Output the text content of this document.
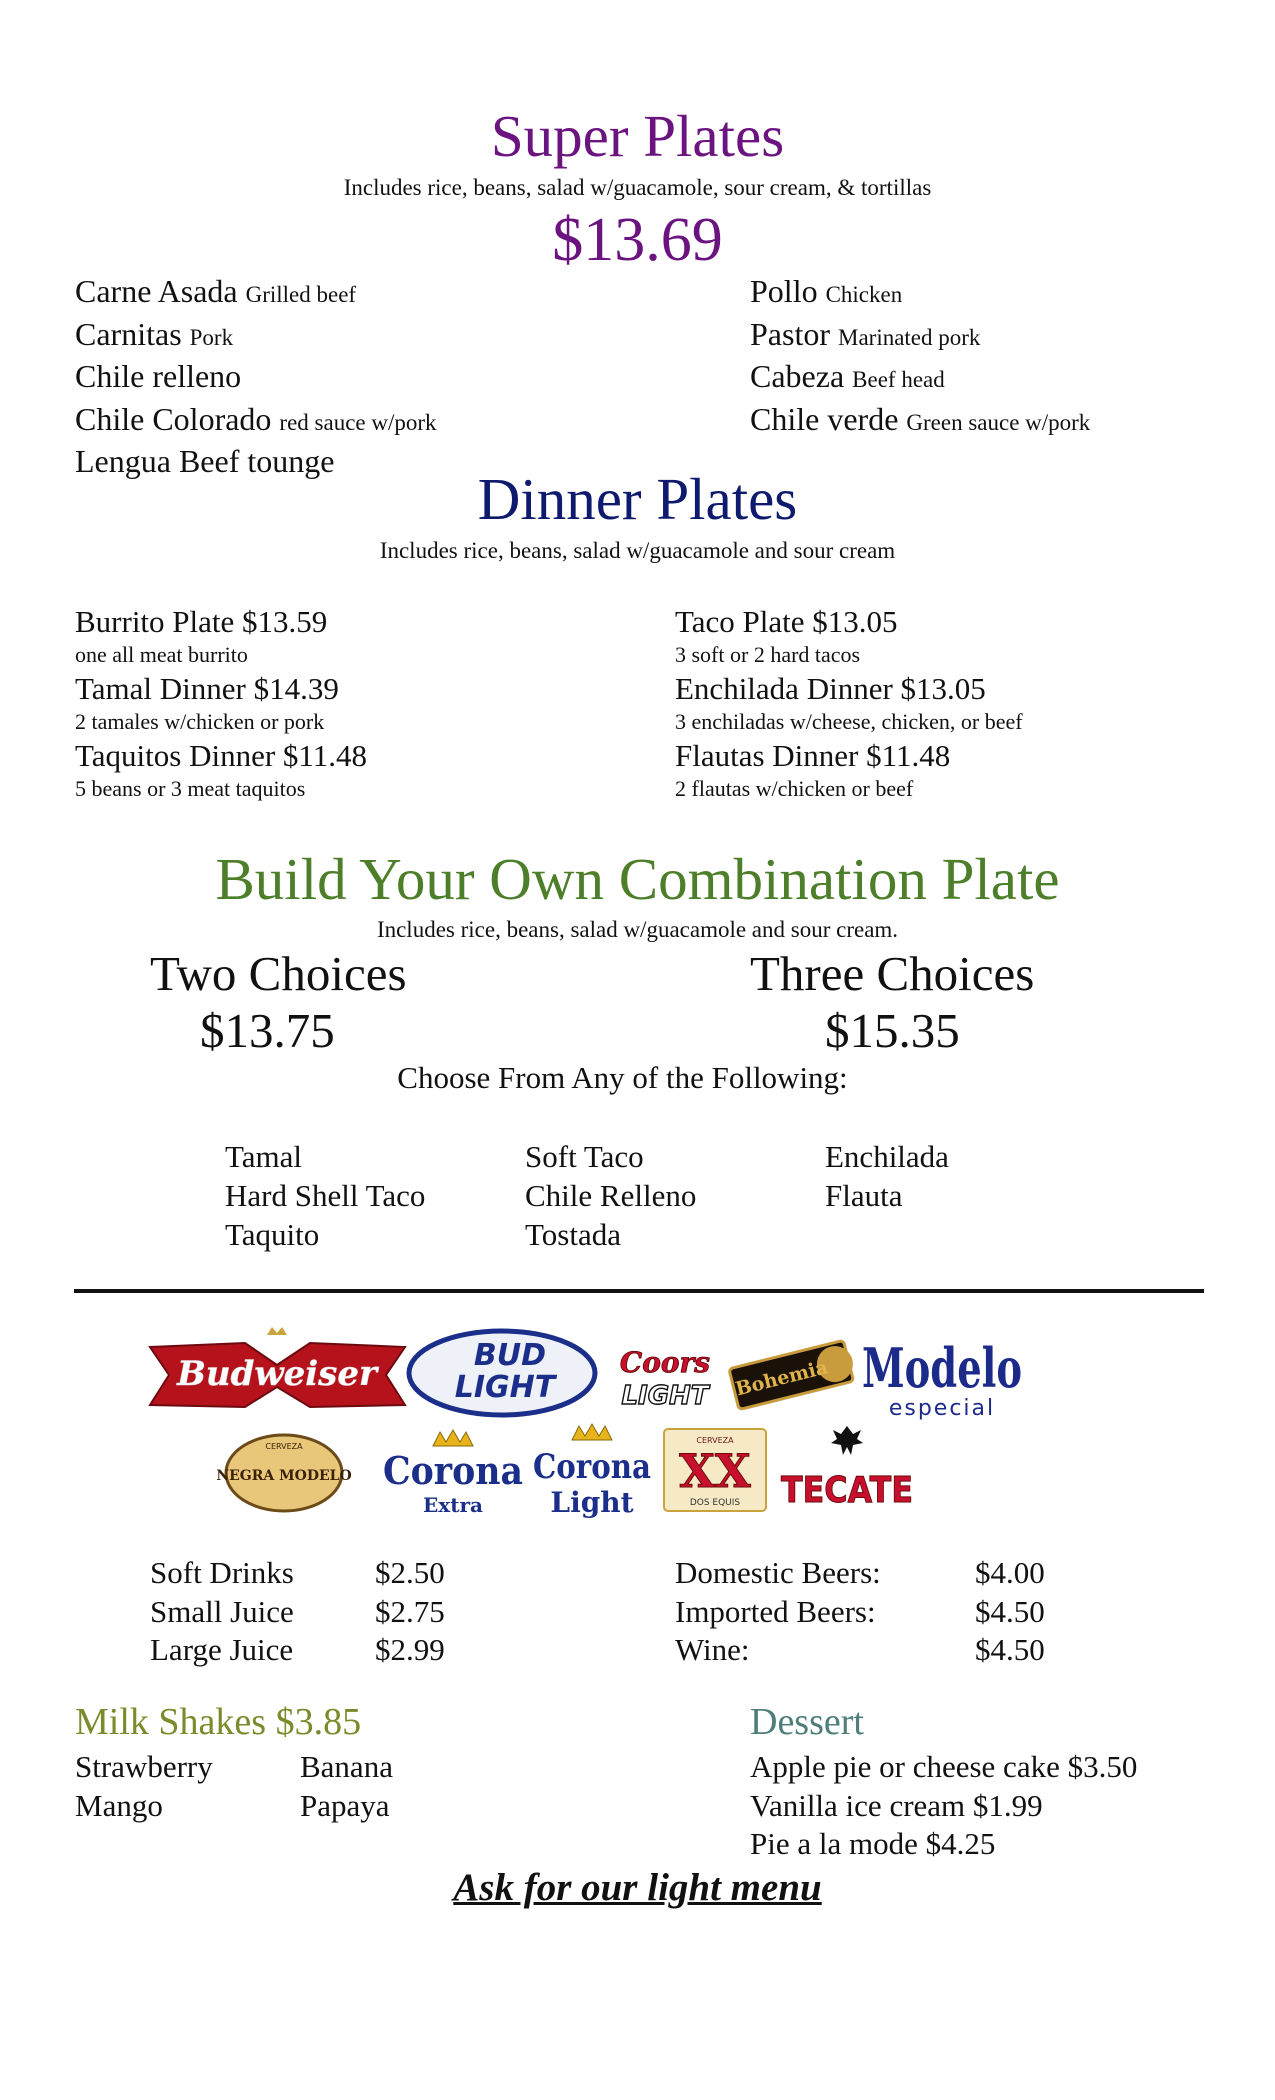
Super Plates
Includes rice, beans, salad w/guacamole, sour cream, & tortillas
$13.69
Carne Asada Grilled beef
Carnitas Pork
Chile relleno
Chile Colorado red sauce w/pork
Lengua Beef tounge
Pollo Chicken
Pastor Marinated pork
Cabeza Beef head
Chile verde Green sauce w/pork
Dinner Plates
Includes rice, beans, salad w/guacamole and sour cream
Burrito Plate $13.59
one all meat burrito
Tamal Dinner $14.39
2 tamales w/chicken or pork
Taquitos Dinner $11.48
5 beans or 3 meat taquitos
Taco Plate $13.05
3 soft or 2 hard tacos
Enchilada Dinner $13.05
3 enchiladas w/cheese, chicken, or beef
Flautas Dinner $11.48
2 flautas w/chicken or beef
Build Your Own Combination Plate
Includes rice, beans, salad w/guacamole and sour cream.
Two Choices
$13.75
Three Choices
$15.35
Choose From Any of the Following:
Tamal
Hard Shell Taco
Taquito
Soft Taco
Chile Relleno
Tostada
Enchilada
Flauta
Budweiser	BUD
LIGHT
Coors
LIGHT Bohemia Modelo
especial
CERVEZA
NEGRA MODELO Corona
Extra
Corona
Light
CERVEZA
XX
DOS EQUIS TECATE
Soft Drinks
Small Juice
Large Juice
$2.50
$2.75
$2.99
Domestic Beers:
Imported Beers:
Wine:
$4.00
$4.50
$4.50
Milk Shakes $3.85
Strawberry
Mango
Banana
Papaya
Dessert
Apple pie or cheese cake $3.50
Vanilla ice cream $1.99
Pie a la mode $4.25
Ask for our light menu
